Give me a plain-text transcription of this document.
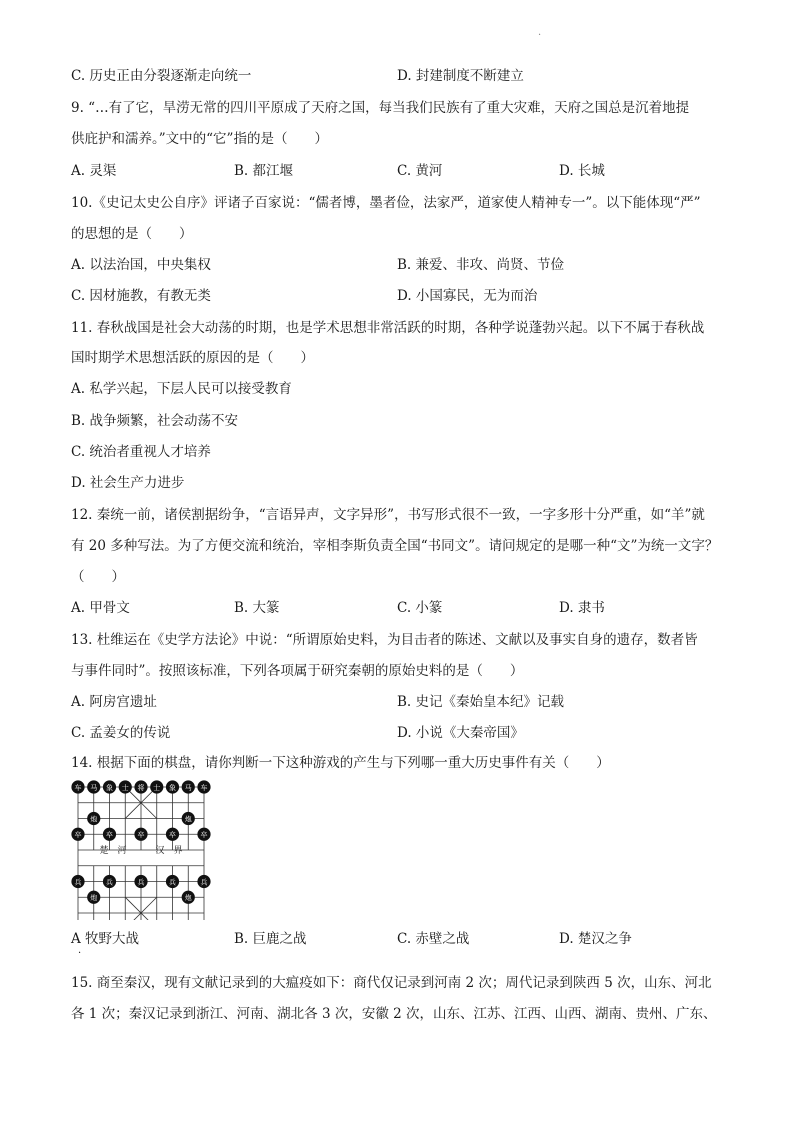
·
C. 历史正由分裂逐渐走向统一	D. 封建制度不断建立
9. “…有了它，旱涝无常的四川平原成了天府之国，每当我们民族有了重大灾难，天府之国总是沉着地提
供庇护和濡养。”文中的“它”指的是（　　）
A. 灵渠	B. 都江堰	C. 黄河	D. 长城
10.《史记太史公自序》评诸子百家说：“儒者博，墨者俭，法家严，道家使人精神专一”。以下能体现“严”
的思想的是（　　）
A. 以法治国，中央集权	B. 兼爱、非攻、尚贤、节俭
C. 因材施教，有教无类	D. 小国寡民，无为而治
11. 春秋战国是社会大动荡的时期，也是学术思想非常活跃的时期，各种学说蓬勃兴起。以下不属于春秋战
国时期学术思想活跃的原因的是（　　）
A. 私学兴起，下层人民可以接受教育
B. 战争频繁，社会动荡不安
C. 统治者重视人才培养
D. 社会生产力进步
12. 秦统一前，诸侯割据纷争，“言语异声，文字异形”，书写形式很不一致，一字多形十分严重，如“羊”就
有 20 多种写法。为了方便交流和统治，宰相李斯负责全国“书同文”。请问规定的是哪一种“文”为统一文字？
（　　）
A. 甲骨文	B. 大篆	C. 小篆	D. 隶书
13. 杜维运在《史学方法论》中说：“所谓原始史料，为目击者的陈述、文献以及事实自身的遗存，数者皆
与事件同时”。按照该标准，下列各项属于研究秦朝的原始史料的是（　　）
A. 阿房宫遗址	B. 史记《秦始皇本纪》记载
C. 孟姜女的传说	D. 小说《大秦帝国》
14. 根据下面的棋盘，请你判断一下这种游戏的产生与下列哪一重大历史事件有关（　　）
楚　河	汉　界
车 马 象 士 将 士 象 马 车
炮	炮
卒	卒	卒	卒	卒
兵	兵	兵	兵	兵
炮	炮
A 牧野大战	B. 巨鹿之战	C. 赤壁之战	D. 楚汉之争
·
15. 商至秦汉，现有文献记录到的大瘟疫如下：商代仅记录到河南 2 次；周代记录到陕西 5 次，山东、河北
各 1 次；秦汉记录到浙江、河南、湖北各 3 次，安徽 2 次，山东、江苏、江西、山西、湖南、贵州、广东、
